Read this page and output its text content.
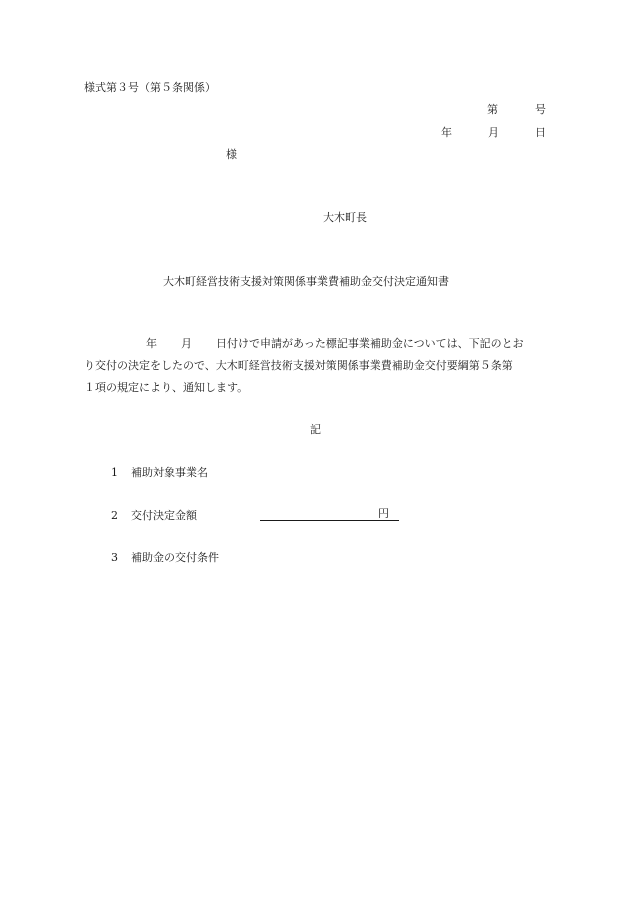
様式第３号（第５条関係）
第	号
年	月	日
様
大木町長
大木町経営技術支援対策関係事業費補助金交付決定通知書
年 月 日付けで申請があった標記事業補助金については、下記のとお
り交付の決定をしたので、大木町経営技術支援対策関係事業費補助金交付要綱第５条第
１項の規定により、通知します。
記
1 補助対象事業名
2 交付決定金額	円
3 補助金の交付条件
